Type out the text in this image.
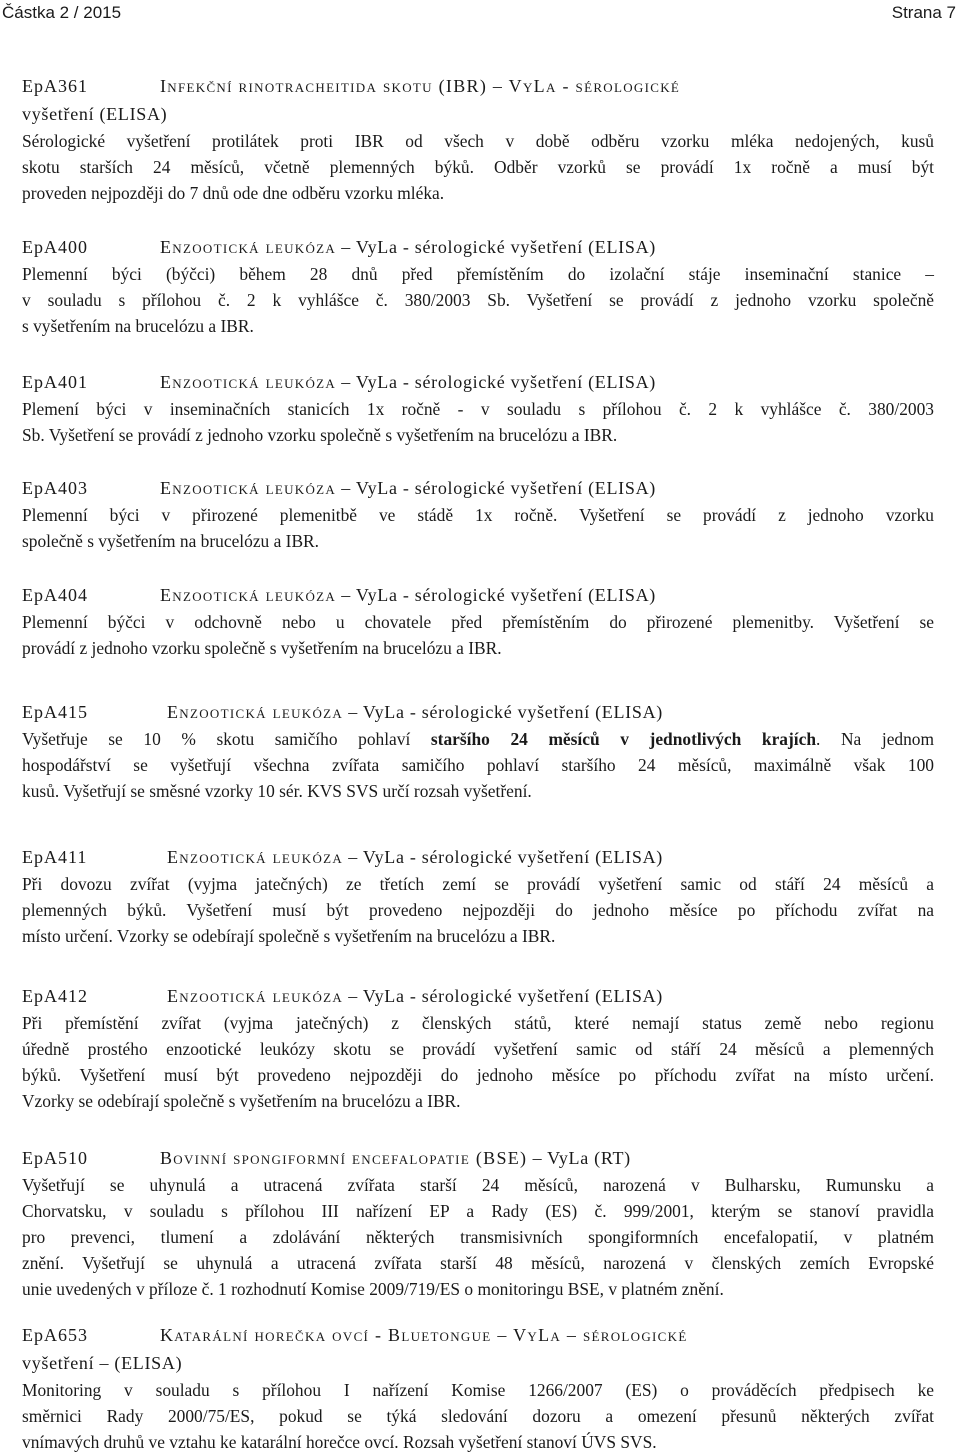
Částka 2 / 2015	Strana 7
EpA361	Infekční rinotracheitida skotu (IBR) – VyLa - sérologické
vyšetření (ELISA)
Sérologické vyšetření protilátek proti IBR od všech v době odběru vzorku mléka nedojených, kusů
skotu starších 24 měsíců, včetně plemenných býků. Odběr vzorků se provádí 1x ročně a musí být
proveden nejpozději do 7 dnů ode dne odběru vzorku mléka.
EpA400	Enzootická leukóza – VyLa - sérologické vyšetření (ELISA)
Plemenní býci (býčci) během 28 dnů před přemístěním do izolační stáje inseminační stanice –
v souladu s přílohou č. 2 k vyhlášce č. 380/2003 Sb. Vyšetření se provádí z jednoho vzorku společně
s vyšetřením na brucelózu a IBR.
EpA401	Enzootická leukóza – VyLa - sérologické vyšetření (ELISA)
Plemení býci v inseminačních stanicích 1x ročně - v souladu s přílohou č. 2 k vyhlášce č. 380/2003
Sb. Vyšetření se provádí z jednoho vzorku společně s vyšetřením na brucelózu a IBR.
EpA403	Enzootická leukóza – VyLa - sérologické vyšetření (ELISA)
Plemenní býci v přirozené plemenitbě ve stádě 1x ročně. Vyšetření se provádí z jednoho vzorku
společně s vyšetřením na brucelózu a IBR.
EpA404	Enzootická leukóza – VyLa - sérologické vyšetření (ELISA)
Plemenní býčci v odchovně nebo u chovatele před přemístěním do přirozené plemenitby. Vyšetření se
provádí z jednoho vzorku společně s vyšetřením na brucelózu a IBR.
EpA415	Enzootická leukóza – VyLa - sérologické vyšetření (ELISA)
Vyšetřuje se 10 % skotu samičího pohlaví staršího 24 měsíců v jednotlivých krajích. Na jednom
hospodářství se vyšetřují všechna zvířata samičího pohlaví staršího 24 měsíců, maximálně však 100
kusů. Vyšetřují se směsné vzorky 10 sér. KVS SVS určí rozsah vyšetření.
EpA411	Enzootická leukóza – VyLa - sérologické vyšetření (ELISA)
Při dovozu zvířat (vyjma jatečných) ze třetích zemí se provádí vyšetření samic od stáří 24 měsíců a
plemenných býků. Vyšetření musí být provedeno nejpozději do jednoho měsíce po příchodu zvířat na
místo určení. Vzorky se odebírají společně s vyšetřením na brucelózu a IBR.
EpA412	Enzootická leukóza – VyLa - sérologické vyšetření (ELISA)
Při přemístění zvířat (vyjma jatečných) z členských států, které nemají status země nebo regionu
úředně prostého enzootické leukózy skotu se provádí vyšetření samic od stáří 24 měsíců a plemenných
býků. Vyšetření musí být provedeno nejpozději do jednoho měsíce po příchodu zvířat na místo určení.
Vzorky se odebírají společně s vyšetřením na brucelózu a IBR.
EpA510	Bovinní spongiformní encefalopatie (BSE) – VyLa (RT)
Vyšetřují se uhynulá a utracená zvířata starší 24 měsíců, narozená v Bulharsku, Rumunsku a
Chorvatsku, v souladu s přílohou III nařízení EP a Rady (ES) č. 999/2001, kterým se stanoví pravidla
pro prevenci, tlumení a zdolávání některých transmisivních spongiformních encefalopatií, v platném
znění. Vyšetřují se uhynulá a utracená zvířata starší 48 měsíců, narozená v členských zemích Evropské
unie uvedených v příloze č. 1 rozhodnutí Komise 2009/719/ES o monitoringu BSE, v platném znění.
EpA653	Katarální horečka ovcí - Bluetongue – VyLa – sérologické
vyšetření – (ELISA)
Monitoring v souladu s přílohou I nařízení Komise 1266/2007 (ES) o prováděcích předpisech ke
směrnici Rady 2000/75/ES, pokud se týká sledování dozoru a omezení přesunů některých zvířat
vnímavých druhů ve vztahu ke katarální horečce ovcí. Rozsah vyšetření stanoví ÚVS SVS.
